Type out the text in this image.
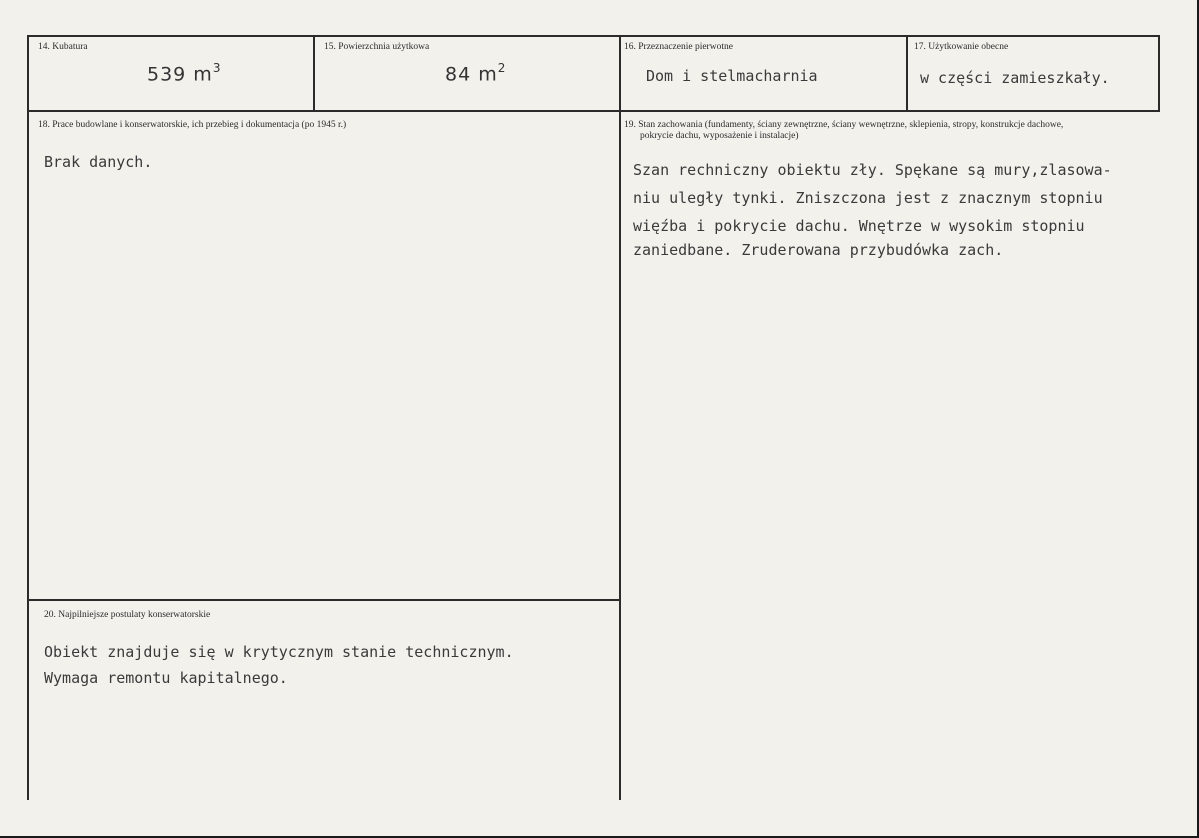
14. Kubatura
539 $m^3$
15. Powierzchnia użytkowa
84 $m^2$
16. Przeznaczenie pierwotne
Dom i stelmacharnia
17. Użytkowanie obecne
w części zamieszkały.
18. Prace budowlane i konserwatorskie, ich przebieg i dokumentacja (po 1945 r.)
Brak danych.
19. Stan zachowania (fundamenty, ściany zewnętrzne, ściany wewnętrzne, sklepienia, stropy, konstrukcje dachowe,
pokrycie dachu, wyposażenie i instalacje)
Szan rechniczny obiektu zły. Spękane są mury,zlasowa-
niu uległy tynki. Zniszczona jest z znacznym stopniu
więźba i pokrycie dachu. Wnętrze w wysokim stopniu
zaniedbane. Zruderowana przybudówka zach.
20. Najpilniejsze postulaty konserwatorskie
Obiekt znajduje się w krytycznym stanie technicznym.
Wymaga remontu kapitalnego.
